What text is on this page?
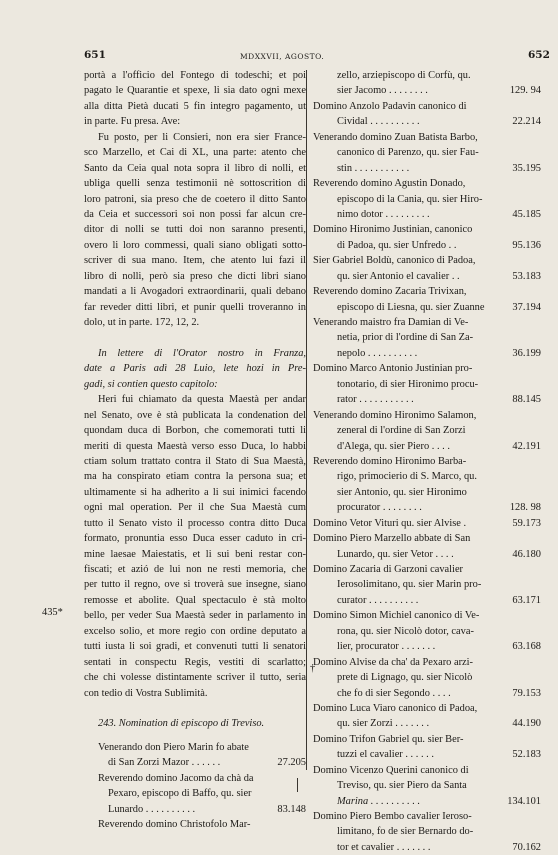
651	MDXXVII, AGOSTO.	652
portà a l'officio del Fontego di todeschi; et poi
pagato le Quarantie et spexe, li sia dato ogni mexe
alla ditta Pietà ducati 5 fin integro pagamento, ut
in parte. Fu presa. Ave:
Fu posto, per li Consieri, non era sier France-
sco Marzello, et Cai di XL, una parte: atento che
Santo da Ceia qual nota sopra il libro di nolli, et
ubliga quelli senza testimonii nè sottoscrition di
loro patroni, sia preso che de coetero il ditto Santo
da Ceia et successori soi non possi far alcun cre-
ditor di nolli se tutti doi non saranno presenti,
overo li loro commessi, quali siano obligati sotto-
scriver di sua mano. Item, che atento lui fazi il
libro di nolli, però sia preso che dicti libri siano
mandati a li Avogadori extraordinarii, quali debano
far reveder ditti libri, et punir quelli troveranno in
dolo, ut in parte. 172, 12, 2.
In lettere di l'Orator nostro in Franza,
date a Paris adì 28 Luio, lete hozi in Pre-
gadi, si contien questo capitolo:
Heri fui chiamato da questa Maestà per andar
nel Senato, ove è stà publicata la condenation del
quondam duca di Borbon, che comemorati tutti li
meriti di questa Maestà verso esso Duca, lo habbi
ctiam solum trattato contra il Stato di Sua Maestà,
ma ha conspirato etiam contra la persona sua; et
ultimamente si ha adherito a li sui inimici facendo
ogni mal operation. Per il che Sua Maestà cum
tutto il Senato visto il processo contra ditto Duca
formato, pronuntia esso Duca esser caduto in cri-
mine laesae Maiestatis, et li sui beni restar con-
fiscati; et azió de lui non ne resti memoria, che
per tutto il regno, ove si troverà sue insegne, siano
remosse et abolite. Qual spectaculo è stà molto
bello, per veder Sua Maestà seder in parlamento in
excelso solio, et more regio con ordine deputato a
tutti iusta li soi gradi, et convenuti tutti li senatori
sentati in conspectu Regis, vestiti di scarlatto;
che chi volesse distintamente scriver il tutto, seria
con tedio di Vostra Sublimità.
243. Nomination di episcopo di Treviso.
Venerando don Piero Marin fo abate
di San Zorzi Mazor . . . . . .	27.205
Reverendo domino Jacomo da chà da
Pexaro, episcopo di Baffo, qu. sier
Lunardo . . . . . . . . . .	83.148
Reverendo domino Christofolo Mar-
435*
†
zello, arziepiscopo di Corfù, qu.
sier Jacomo . . . . . . . .	129. 94
Domino Anzolo Padavin canonico di
Cividal . . . . . . . . . .	22.214
Venerando domino Zuan Batista Barbo,
canonico di Parenzo, qu. sier Fau-
stin . . . . . . . . . . .	35.195
Reverendo domino Agustin Donado,
episcopo di la Cania, qu. sier Hiro-
nimo dotor . . . . . . . . .	45.185
Domino Hironimo Justinian, canonico
di Padoa, qu. sier Unfredo . .	95.136
Sier Gabriel Boldù, canonico di Padoa,
qu. sier Antonio el cavalier . .	53.183
Reverendo domino Zacaria Trivixan,
episcopo di Liesna, qu. sier Zuanne	37.194
Venerando maistro fra Damian di Ve-
netia, prior di l'ordine di San Za-
nepolo . . . . . . . . . .	36.199
Domino Marco Antonio Justinian pro-
tonotario, di sier Hironimo procu-
rator . . . . . . . . . . .	88.145
Venerando domino Hironimo Salamon,
zeneral di l'ordine di San Zorzi
d'Alega, qu. sier Piero . . . .	42.191
Reverendo domino Hironimo Barba-
rigo, primocierio di S. Marco, qu.
sier Antonio, qu. sier Hironimo
procurator . . . . . . . .	128. 98
Domino Vetor Vituri qu. sier Alvise .	59.173
Domino Piero Marzello abbate di San
Lunardo, qu. sier Vetor . . . .	46.180
Domino Zacaria di Garzoni cavalier
Ierosolimitano, qu. sier Marin pro-
curator . . . . . . . . . .	63.171
Domino Simon Michiel canonico di Ve-
rona, qu. sier Nicolò dotor, cava-
lier, procurator . . . . . . .	63.168
Domino Alvise da cha' da Pexaro arzi-
prete di Lignago, qu. sier Nicolò
che fo di sier Segondo . . . .	79.153
Domino Luca Viaro canonico di Padoa,
qu. sier Zorzi . . . . . . .	44.190
Domino Trifon Gabriel qu. sier Ber-
tuzzi el cavalier . . . . . .	52.183
Domino Vicenzo Querini canonico di
Treviso, qu. sier Piero da Santa
Marina . . . . . . . . . .	134.101
Domino Piero Bembo cavalier Ieroso-
limitano, fo de sier Bernardo do-
tor et cavalier . . . . . . .	70.162
